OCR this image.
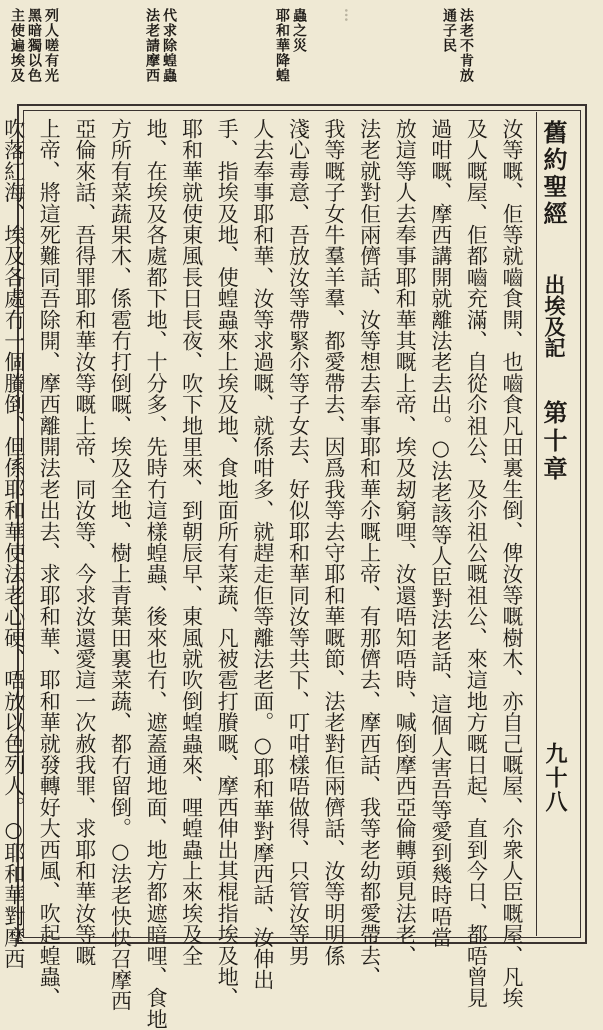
法老不肯放
通子民
蟲之災
耶和華降蝗	…
代求除蝗蟲
法老請摩西
列人嗟有光
黑暗獨以色
主使遍埃及
舊約聖經
出埃及記
第十章
九十八
汝等嘅、佢等就嚙食開、也嚙食凡田裏生倒、俾汝等嘅樹木、亦自己嘅屋、尒衆人臣嘅屋、凡埃
及人嘅屋、佢都嚙充滿、自從尒祖公、及尒祖公嘅祖公、來這地方嘅日起、直到今日、都唔曾見
過咁嘅、摩西講開就離法老去出。○法老該等人臣對法老話、這個人害吾等愛到幾時唔當
放這等人去奉事耶和華其嘅上帝、埃及刼窮哩、汝還唔知唔時、喊倒摩西亞倫轉頭見法老、
法老就對佢兩儕話、汝等想去奉事耶和華尒嘅上帝、有那儕去、摩西話、我等老幼都愛帶去、
我等嘅子女牛羣羊羣、都愛帶去、因爲我等去守耶和華嘅節、法老對佢兩儕話、汝等明明係
淺心毒意、吾放汝等帶緊尒等子女去、好似耶和華同汝等共下、叮咁樣唔做得、只管汝等男
人去奉事耶和華、汝等求過嘅、就係咁多、就趕走佢等離法老面。○耶和華對摩西話、汝伸出
手、指埃及地、使蝗蟲來上埃及地、食地面所有菜蔬、凡被雹打賸嘅、摩西伸出其棍指埃及地、
耶和華就使東風長日長夜、吹下地里來、到朝辰早、東風就吹倒蝗蟲來、哩蝗蟲上來埃及全
地、在埃及各處都下地、十分多、先時冇這樣蝗蟲、後來也冇、遮蓋通地面、地方都遮暗哩、食地
方所有菜蔬果木、係雹冇打倒嘅、埃及全地、樹上青葉田裏菜蔬、都冇留倒。○法老快快召摩西
亞倫來話、吾得罪耶和華汝等嘅上帝、同汝等、今求汝還愛這一次赦我罪、求耶和華汝等嘅
上帝、將這死難同吾除開、摩西離開法老出去、求耶和華、耶和華就發轉好大西風、吹起蝗蟲、
吹落紅海、埃及各處冇一個賸倒、但係耶和華使法老心硬、唔放以色列人。○耶和華對摩西
